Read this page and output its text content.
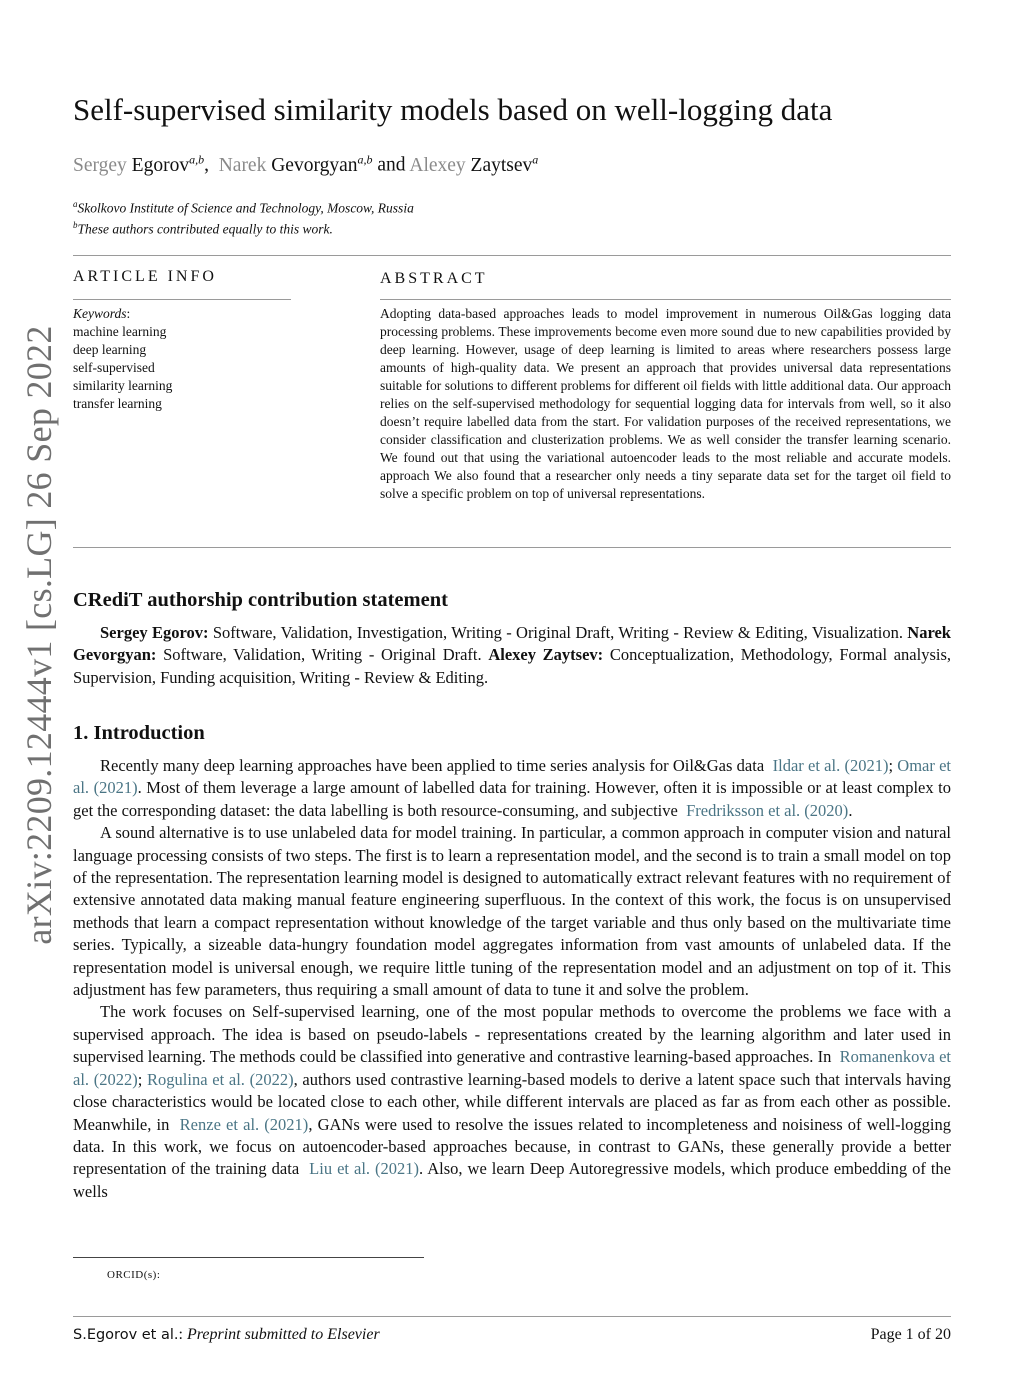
arXiv:2209.12444v1 [cs.LG] 26 Sep 2022
Self-supervised similarity models based on well-logging data
Sergey Egorov$^{a,b}$, Narek Gevorgyan$^{a,b}$ and Alexey Zaytsev$^a$
$^a$Skolkovo Institute of Science and Technology, Moscow, Russia
$^b$These authors contributed equally to this work.
ARTICLE INFO
Keywords:
machine learning
deep learning
self-supervised
similarity learning
transfer learning
ABSTRACT
Adopting data-based approaches leads to model improvement in numerous Oil&Gas logging data processing problems. These improvements become even more sound due to new capabilities provided by deep learning. However, usage of deep learning is limited to areas where researchers possess large amounts of high-quality data. We present an approach that provides universal data representations suitable for solutions to different problems for different oil fields with little additional data. Our approach relies on the self-supervised methodology for sequential logging data for intervals from well, so it also doesn’t require labelled data from the start. For validation purposes of the received representations, we consider classification and clusterization problems. We as well consider the transfer learning scenario. We found out that using the variational autoencoder leads to the most reliable and accurate models. approach We also found that a researcher only needs a tiny separate data set for the target oil field to solve a specific problem on top of universal representations.
CRediT authorship contribution statement

Sergey Egorov: Software, Validation, Investigation, Writing - Original Draft, Writing - Review & Editing, Visualization. Narek Gevorgyan: Software, Validation, Writing - Original Draft. Alexey Zaytsev: Conceptualization, Methodology, Formal analysis, Supervision, Funding acquisition, Writing - Review & Editing.

1. Introduction

Recently many deep learning approaches have been applied to time series analysis for Oil&Gas data Ildar et al. (2021); Omar et al. (2021). Most of them leverage a large amount of labelled data for training. However, often it is impossible or at least complex to get the corresponding dataset: the data labelling is both resource-consuming, and subjective Fredriksson et al. (2020).

A sound alternative is to use unlabeled data for model training. In particular, a common approach in computer vision and natural language processing consists of two steps. The first is to learn a representation model, and the second is to train a small model on top of the representation. The representation learning model is designed to automatically extract relevant features with no requirement of extensive annotated data making manual feature engineering superfluous. In the context of this work, the focus is on unsupervised methods that learn a compact representation without knowledge of the target variable and thus only based on the multivariate time series. Typically, a sizeable data-hungry foundation model aggregates information from vast amounts of unlabeled data. If the representation model is universal enough, we require little tuning of the representation model and an adjustment on top of it. This adjustment has few parameters, thus requiring a small amount of data to tune it and solve the problem.

The work focuses on Self-supervised learning, one of the most popular methods to overcome the problems we face with a supervised approach. The idea is based on pseudo-labels - representations created by the learning algorithm and later used in supervised learning. The methods could be classified into generative and contrastive learning-based approaches. In Romanenkova et al. (2022); Rogulina et al. (2022), authors used contrastive learning-based models to derive a latent space such that intervals having close characteristics would be located close to each other, while different intervals are placed as far as from each other as possible. Meanwhile, in Renze et al. (2021), GANs were used to resolve the issues related to incompleteness and noisiness of well-logging data. In this work, we focus on autoencoder-based approaches because, in contrast to GANs, these generally provide a better representation of the training data Liu et al. (2021). Also, we learn Deep Autoregressive models, which produce embedding of the wells

ORCID(s):
S.Egorov et al.: Preprint submitted to Elsevier	Page 1 of 20
